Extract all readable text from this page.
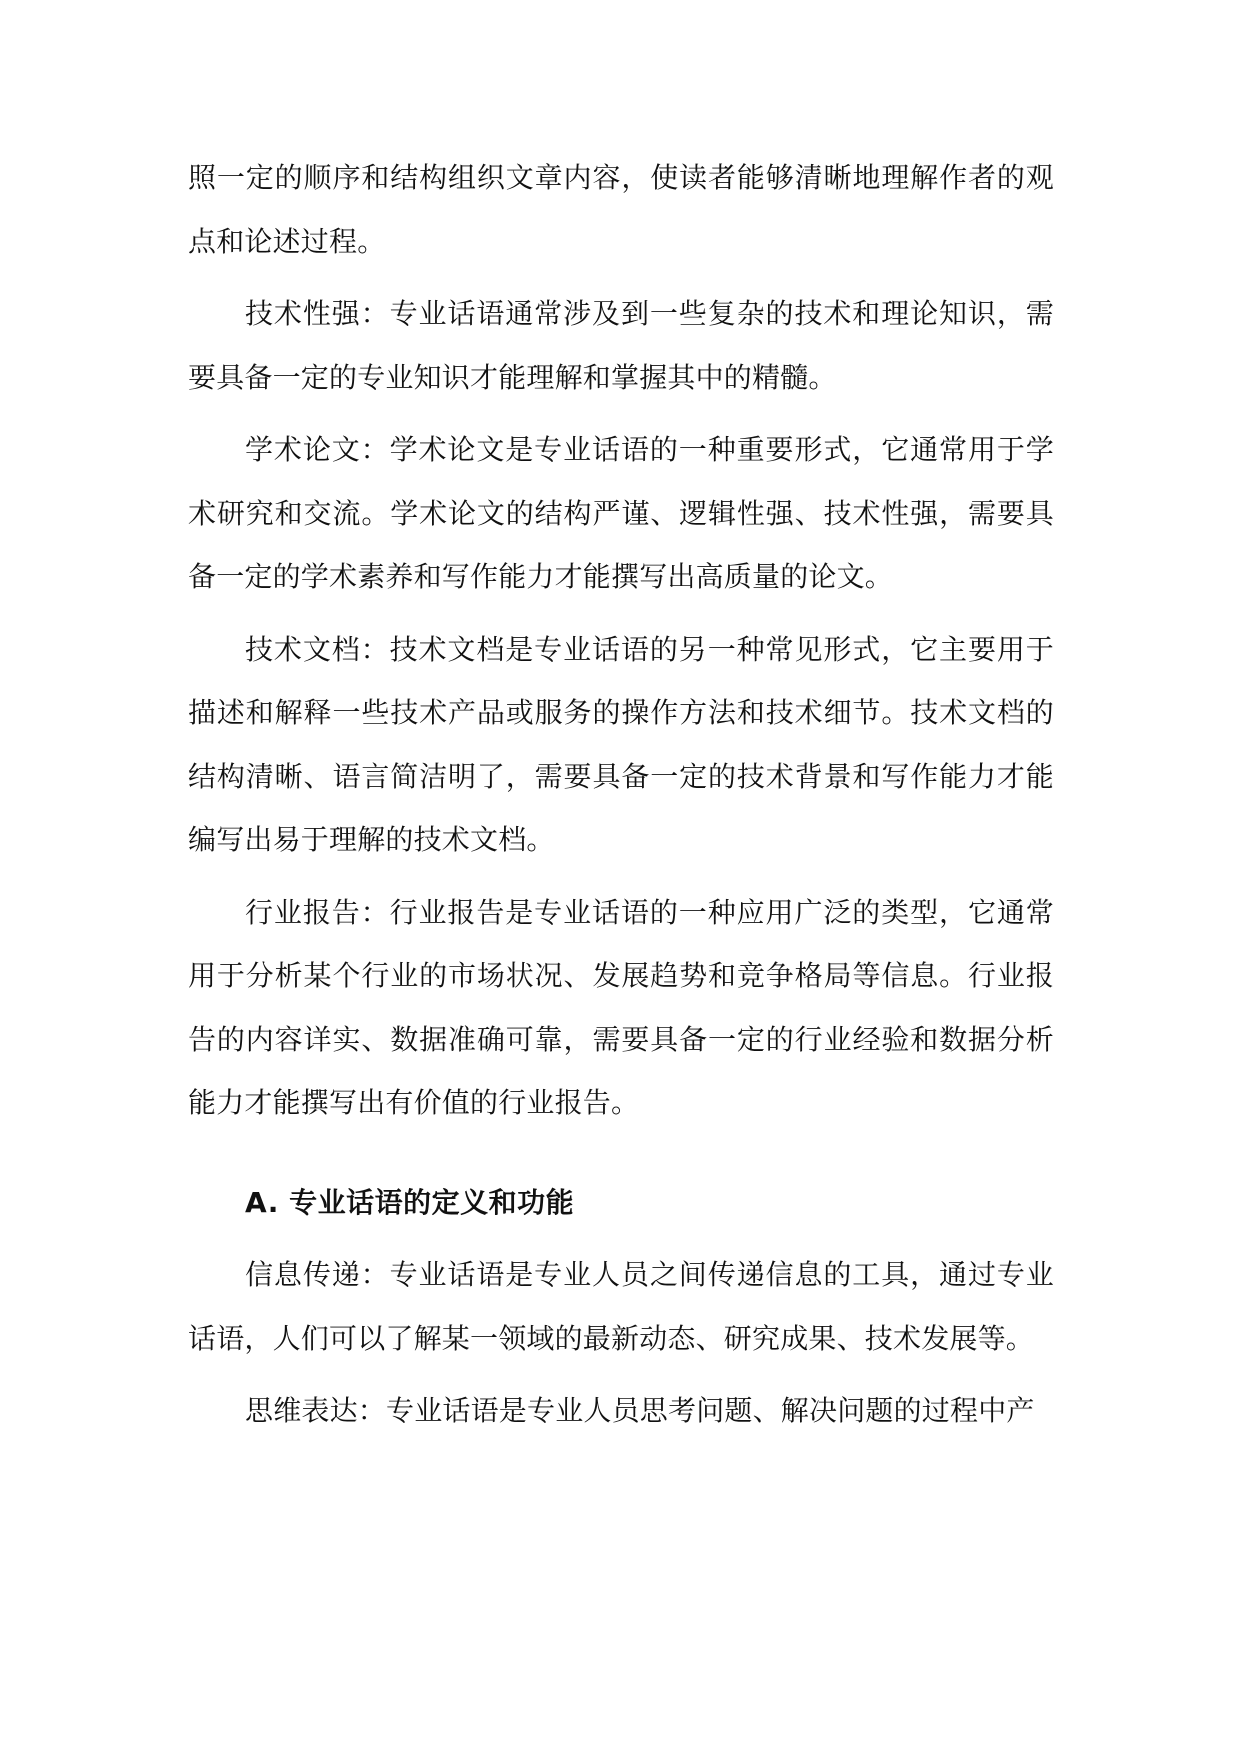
照一定的顺序和结构组织文章内容，使读者能够清晰地理解作者的观点和论述过程。

技术性强：专业话语通常涉及到一些复杂的技术和理论知识，需要具备一定的专业知识才能理解和掌握其中的精髓。

学术论文：学术论文是专业话语的一种重要形式，它通常用于学术研究和交流。学术论文的结构严谨、逻辑性强、技术性强，需要具备一定的学术素养和写作能力才能撰写出高质量的论文。

技术文档：技术文档是专业话语的另一种常见形式，它主要用于描述和解释一些技术产品或服务的操作方法和技术细节。技术文档的结构清晰、语言简洁明了，需要具备一定的技术背景和写作能力才能编写出易于理解的技术文档。

行业报告：行业报告是专业话语的一种应用广泛的类型，它通常用于分析某个行业的市场状况、发展趋势和竞争格局等信息。行业报告的内容详实、数据准确可靠，需要具备一定的行业经验和数据分析能力才能撰写出有价值的行业报告。

A. 专业话语的定义和功能

信息传递：专业话语是专业人员之间传递信息的工具，通过专业话语，人们可以了解某一领域的最新动态、研究成果、技术发展等。

思维表达：专业话语是专业人员思考问题、解决问题的过程中产
